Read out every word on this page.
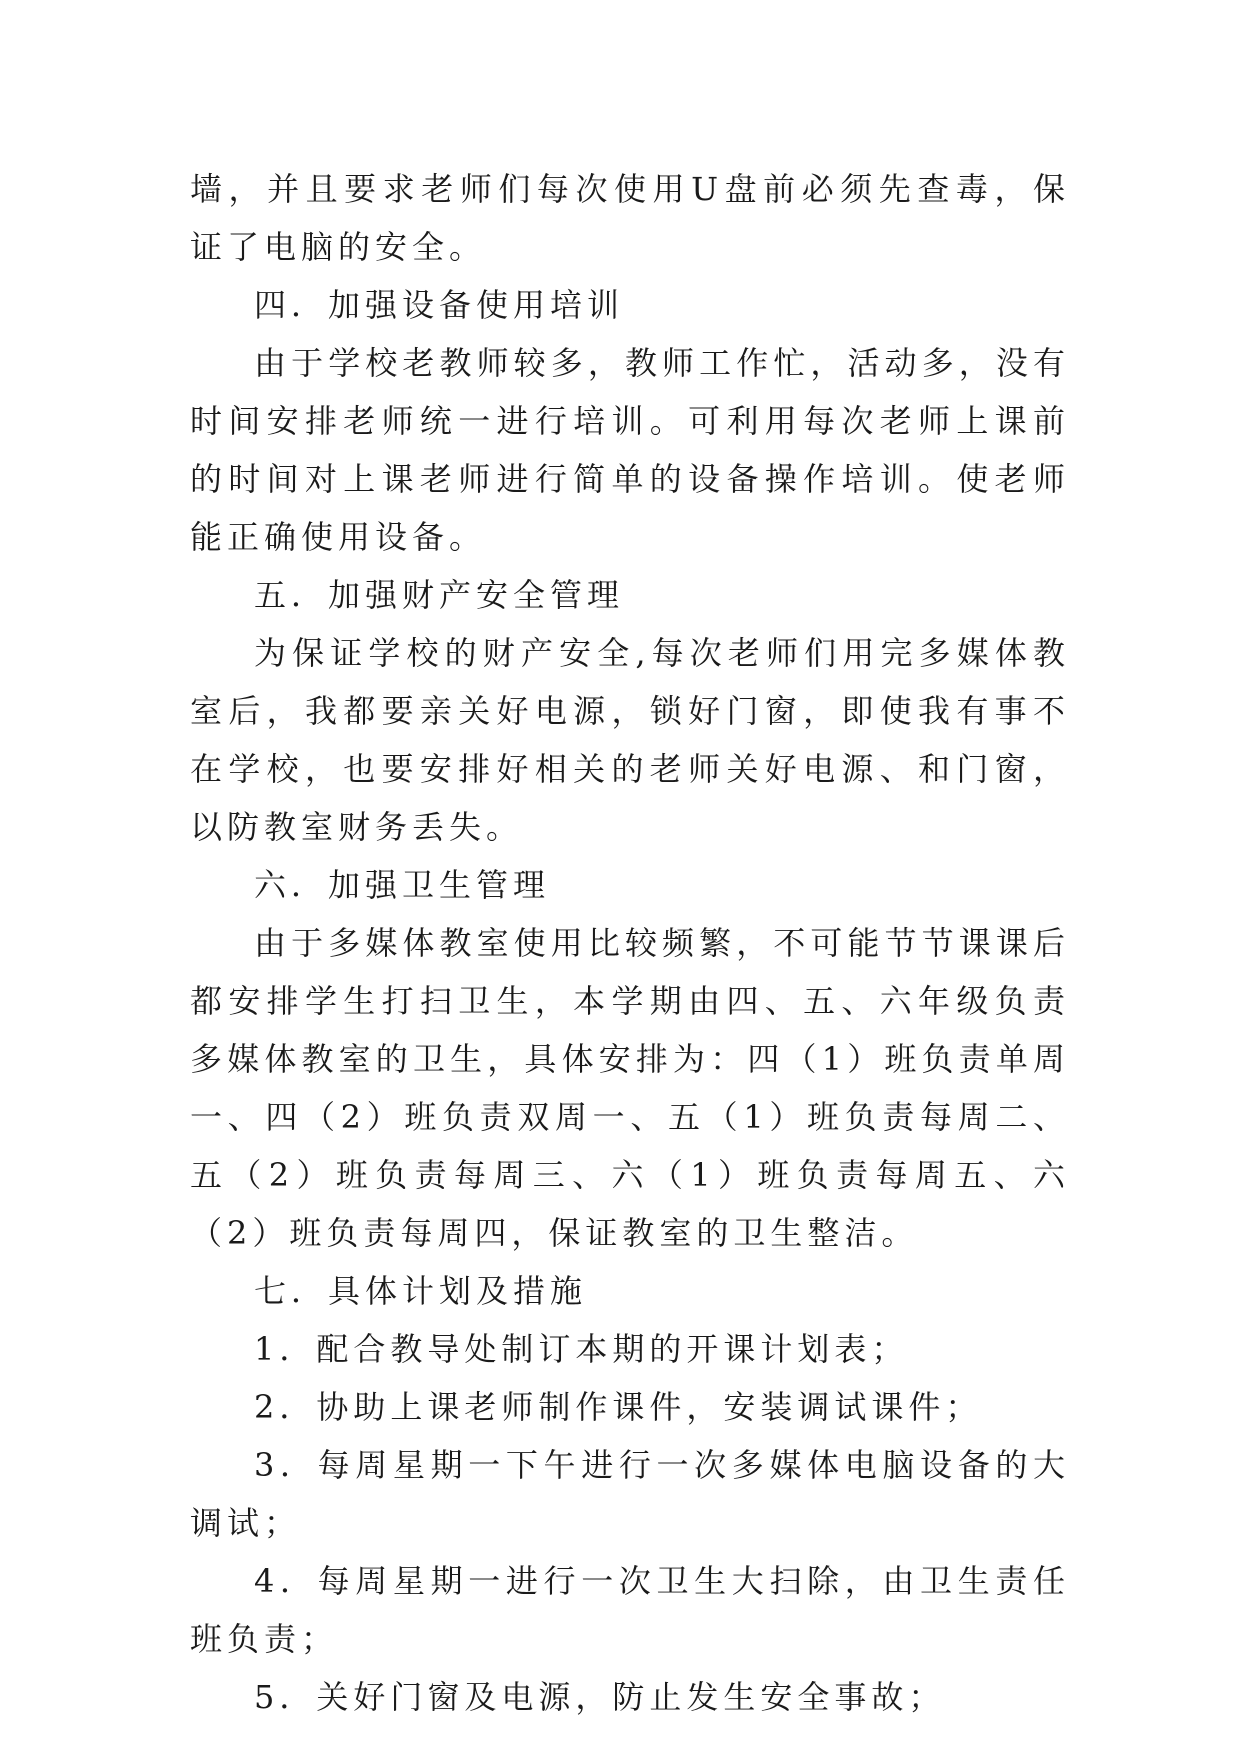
墙，并且要求老师们每次使用U盘前必须先查毒，保证了电脑的安全。

四．加强设备使用培训

由于学校老教师较多，教师工作忙，活动多，没有时间安排老师统一进行培训。可利用每次老师上课前的时间对上课老师进行简单的设备操作培训。使老师能正确使用设备。

五．加强财产安全管理

为保证学校的财产安全,每次老师们用完多媒体教室后，我都要亲关好电源，锁好门窗，即使我有事不在学校，也要安排好相关的老师关好电源、和门窗，以防教室财务丢失。

六．加强卫生管理

由于多媒体教室使用比较频繁，不可能节节课课后都安排学生打扫卫生，本学期由四、五、六年级负责多媒体教室的卫生，具体安排为：四（1）班负责单周一、四（2）班负责双周一、五（1）班负责每周二、五（2）班负责每周三、六（1）班负责每周五、六（2）班负责每周四，保证教室的卫生整洁。

七．具体计划及措施

1．配合教导处制订本期的开课计划表；

2．协助上课老师制作课件，安装调试课件；

3．每周星期一下午进行一次多媒体电脑设备的大调试；

4．每周星期一进行一次卫生大扫除，由卫生责任班负责；

5．关好门窗及电源，防止发生安全事故；
